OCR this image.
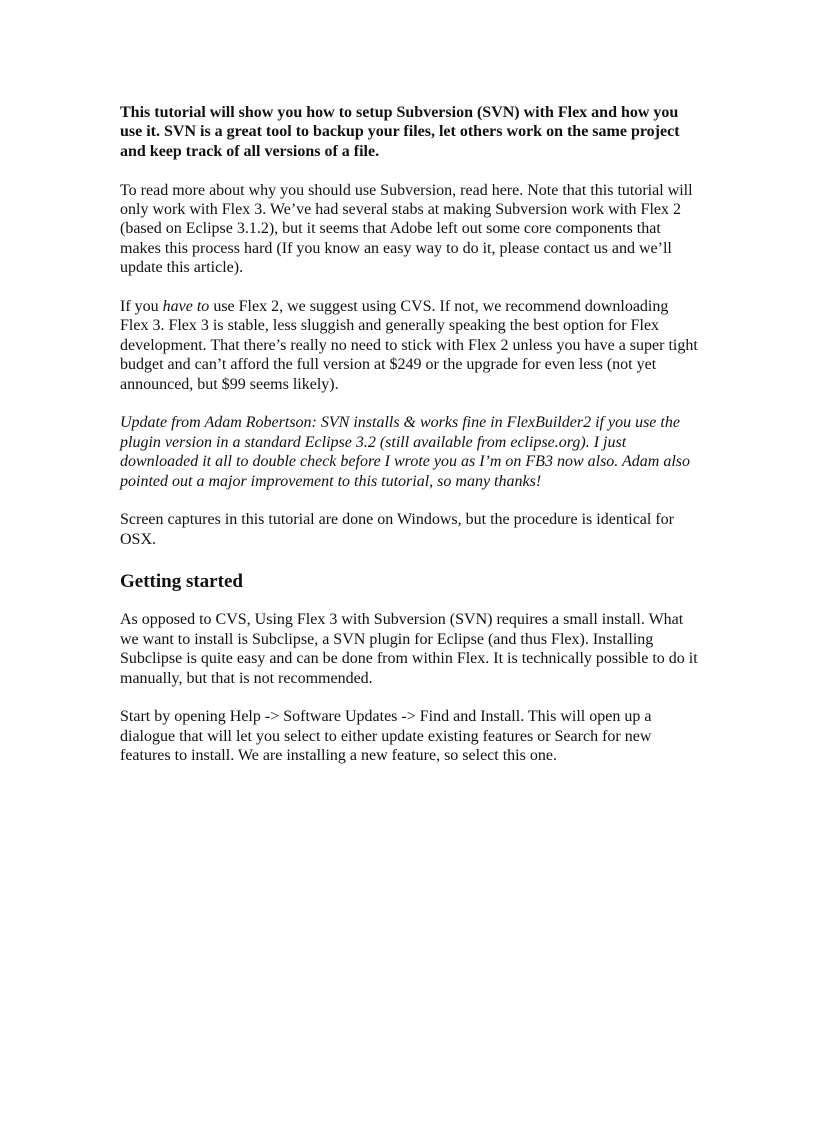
This tutorial will show you how to setup Subversion (SVN) with Flex and how you use it. SVN is a great tool to backup your files, let others work on the same project and keep track of all versions of a file.

To read more about why you should use Subversion, read here. Note that this tutorial will only work with Flex 3. We’ve had several stabs at making Subversion work with Flex 2 (based on Eclipse 3.1.2), but it seems that Adobe left out some core components that makes this process hard (If you know an easy way to do it, please contact us and we’ll update this article).

If you have to use Flex 2, we suggest using CVS. If not, we recommend downloading Flex 3. Flex 3 is stable, less sluggish and generally speaking the best option for Flex development. That there’s really no need to stick with Flex 2 unless you have a super tight budget and can’t afford the full version at $249 or the upgrade for even less (not yet announced, but $99 seems likely).

Update from Adam Robertson: SVN installs & works fine in FlexBuilder2 if you use the plugin version in a standard Eclipse 3.2 (still available from eclipse.org). I just downloaded it all to double check before I wrote you as I’m on FB3 now also. Adam also pointed out a major improvement to this tutorial, so many thanks!

Screen captures in this tutorial are done on Windows, but the procedure is identical for OSX.

Getting started

As opposed to CVS, Using Flex 3 with Subversion (SVN) requires a small install. What we want to install is Subclipse, a SVN plugin for Eclipse (and thus Flex). Installing Subclipse is quite easy and can be done from within Flex. It is technically possible to do it manually, but that is not recommended.

Start by opening Help -> Software Updates -> Find and Install. This will open up a dialogue that will let you select to either update existing features or Search for new features to install. We are installing a new feature, so select this one.
